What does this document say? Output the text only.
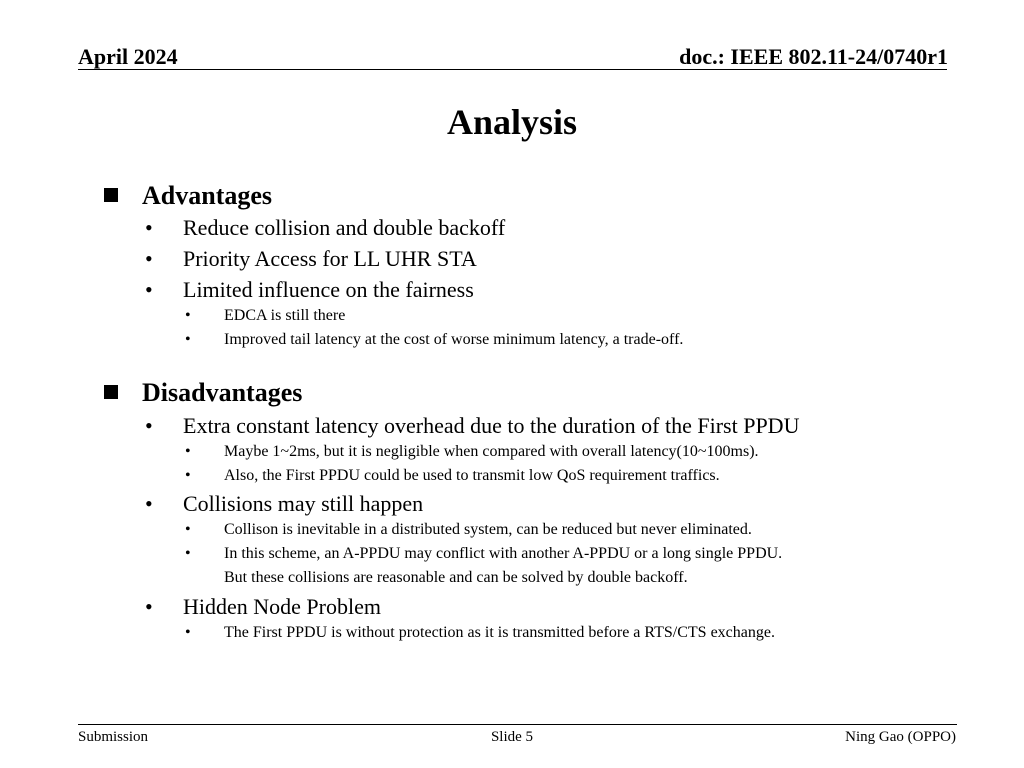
April 2024	doc.: IEEE 802.11-24/0740r1
Analysis
Advantages
• Reduce collision and double backoff
• Priority Access for LL UHR STA
• Limited influence on the fairness
• EDCA is still there
• Improved tail latency at the cost of worse minimum latency, a trade-off.
Disadvantages
• Extra constant latency overhead due to the duration of the First PPDU
• Maybe 1~2ms, but it is negligible when compared with overall latency(10~100ms).
• Also, the First PPDU could be used to transmit low QoS requirement traffics.
• Collisions may still happen
• Collison is inevitable in a distributed system, can be reduced but never eliminated.
• In this scheme, an A-PPDU may conflict with another A-PPDU or a long single PPDU.
But these collisions are reasonable and can be solved by double backoff.
• Hidden Node Problem
• The First PPDU is without protection as it is transmitted before a RTS/CTS exchange.
Submission	Slide 5	Ning Gao (OPPO)
